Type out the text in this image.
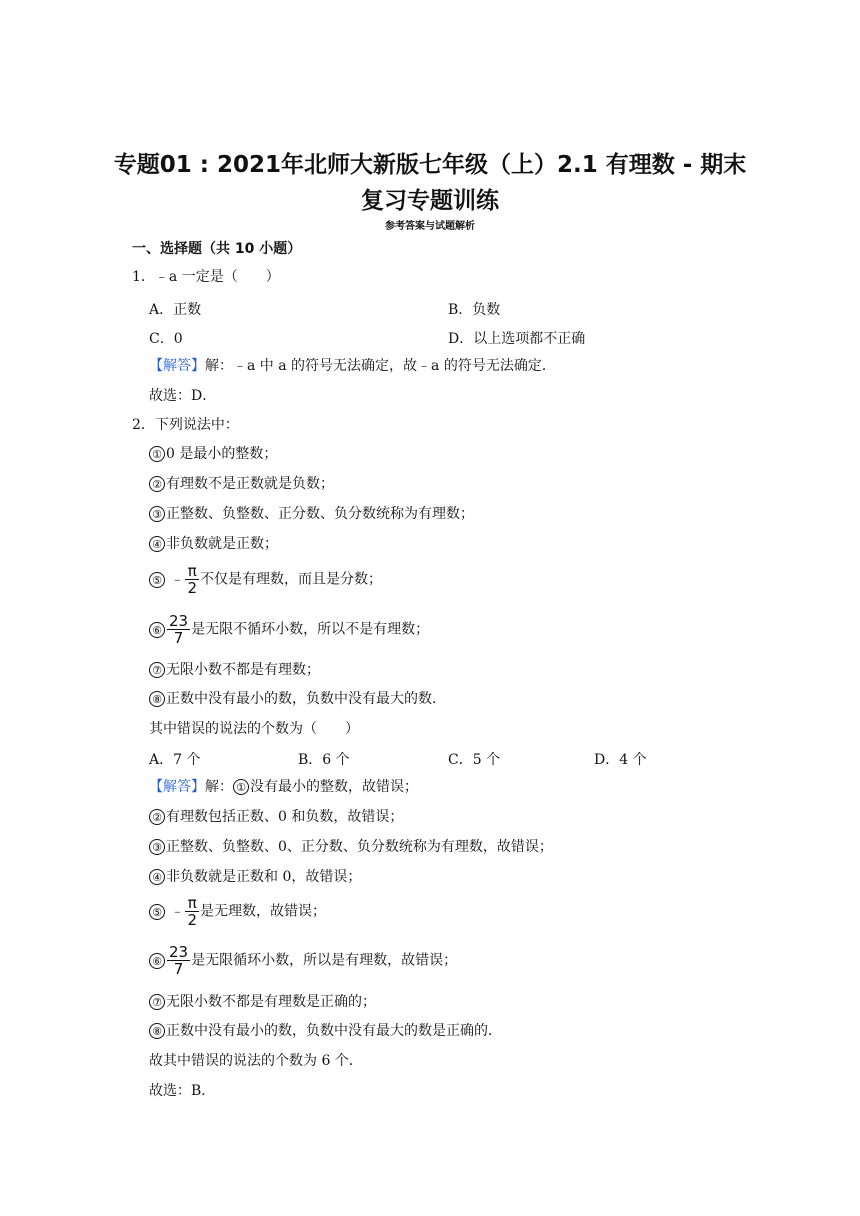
专题01 : 2021年北师大新版七年级（上）2.1 有理数 - 期末
复习专题训练
参考答案与试题解析
一、选择题（共 10 小题）
1．﹣a 一定是（　　）
A．正数	B．负数
C．0	D．以上选项都不正确
【解答】解：﹣a 中 a 的符号无法确定，故﹣a 的符号无法确定．
故选：D．
2．下列说法中：
① 0 是最小的整数；
② 有理数不是正数就是负数；
③ 正整数、负整数、正分数、负分数统称为有理数；
④ 非负数就是正数；
⑤ ﹣ $\frac{\pi}{2}$ 不仅是有理数，而且是分数；
⑥ $\frac{23}{7}$ 是无限不循环小数，所以不是有理数；
⑦ 无限小数不都是有理数；
⑧ 正数中没有最小的数，负数中没有最大的数．
其中错误的说法的个数为（　　）
A．7 个	B．6 个	C．5 个	D．4 个
【解答】解： ① 没有最小的整数，故错误；
② 有理数包括正数、0 和负数，故错误；
③ 正整数、负整数、0、正分数、负分数统称为有理数，故错误；
④ 非负数就是正数和 0，故错误；
⑤ ﹣ $\frac{\pi}{2}$ 是无理数，故错误；
⑥ $\frac{23}{7}$ 是无限循环小数，所以是有理数，故错误；
⑦ 无限小数不都是有理数是正确的；
⑧ 正数中没有最小的数，负数中没有最大的数是正确的．
故其中错误的说法的个数为 6 个．
故选：B．
